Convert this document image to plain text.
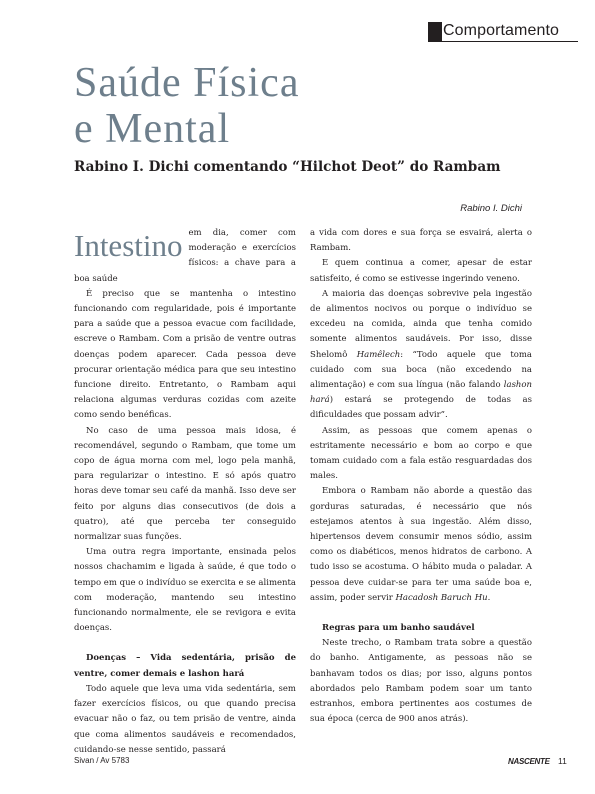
Comportamento
Saúde Física
e Mental
Rabino I. Dichi comentando “Hilchot Deot” do Rambam
Rabino I. Dichi
Intestino em dia, comer com moderação e exercícios físicos: a chave para a boa saúde

É preciso que se mantenha o intestino funcionando com regularidade, pois é importante para a saúde que a pessoa evacue com facilidade, escreve o Rambam. Com a prisão de ventre outras doenças podem aparecer. Cada pessoa deve procurar orientação médica para que seu intestino funcione direito. Entretanto, o Rambam aqui relaciona algumas verduras cozidas com azeite como sendo benéficas.

No caso de uma pessoa mais idosa, é recomendável, segundo o Rambam, que tome um copo de água morna com mel, logo pela manhã, para regularizar o intestino. E só após quatro horas deve tomar seu café da manhã. Isso deve ser feito por alguns dias consecutivos (de dois a quatro), até que perceba ter conseguido normalizar suas funções.

Uma outra regra importante, ensinada pelos nossos chachamim e ligada à saúde, é que todo o tempo em que o indivíduo se exercita e se alimenta com moderação, mantendo seu intestino funcionando normalmente, ele se revigora e evita doenças.

Doenças – Vida sedentária, prisão de ventre, comer demais e lashon hará

Todo aquele que leva uma vida sedentária, sem fazer exercícios físicos, ou que quando precisa evacuar não o faz, ou tem prisão de ventre, ainda que coma alimentos saudáveis e recomendados, cuidando-se nesse sentido, passará

a vida com dores e sua força se esvairá, alerta o Rambam.

E quem continua a comer, apesar de estar satisfeito, é como se estivesse ingerindo veneno.

A maioria das doenças sobrevive pela ingestão de alimentos nocivos ou porque o indivíduo se excedeu na comida, ainda que tenha comido somente alimentos saudáveis. Por isso, disse Shelomô Hamêlech: “Todo aquele que toma cuidado com sua boca (não excedendo na alimentação) e com sua língua (não falando lashon hará) estará se protegendo de todas as dificuldades que possam advir”.

Assim, as pessoas que comem apenas o estritamente necessário e bom ao corpo e que tomam cuidado com a fala estão resguardadas dos males.

Embora o Rambam não aborde a questão das gorduras saturadas, é necessário que nós estejamos atentos à sua ingestão. Além disso, hipertensos devem consumir menos sódio, assim como os diabéticos, menos hidratos de carbono. A tudo isso se acostuma. O hábito muda o paladar. A pessoa deve cuidar-se para ter uma saúde boa e, assim, poder servir Hacadosh Baruch Hu.

Regras para um banho saudável

Neste trecho, o Rambam trata sobre a questão do banho. Antigamente, as pessoas não se banhavam todos os dias; por isso, alguns pontos abordados pelo Rambam podem soar um tanto estranhos, embora pertinentes aos costumes de sua época (cerca de 900 anos atrás).

Sivan / Av 5783	NASCENTE 11
